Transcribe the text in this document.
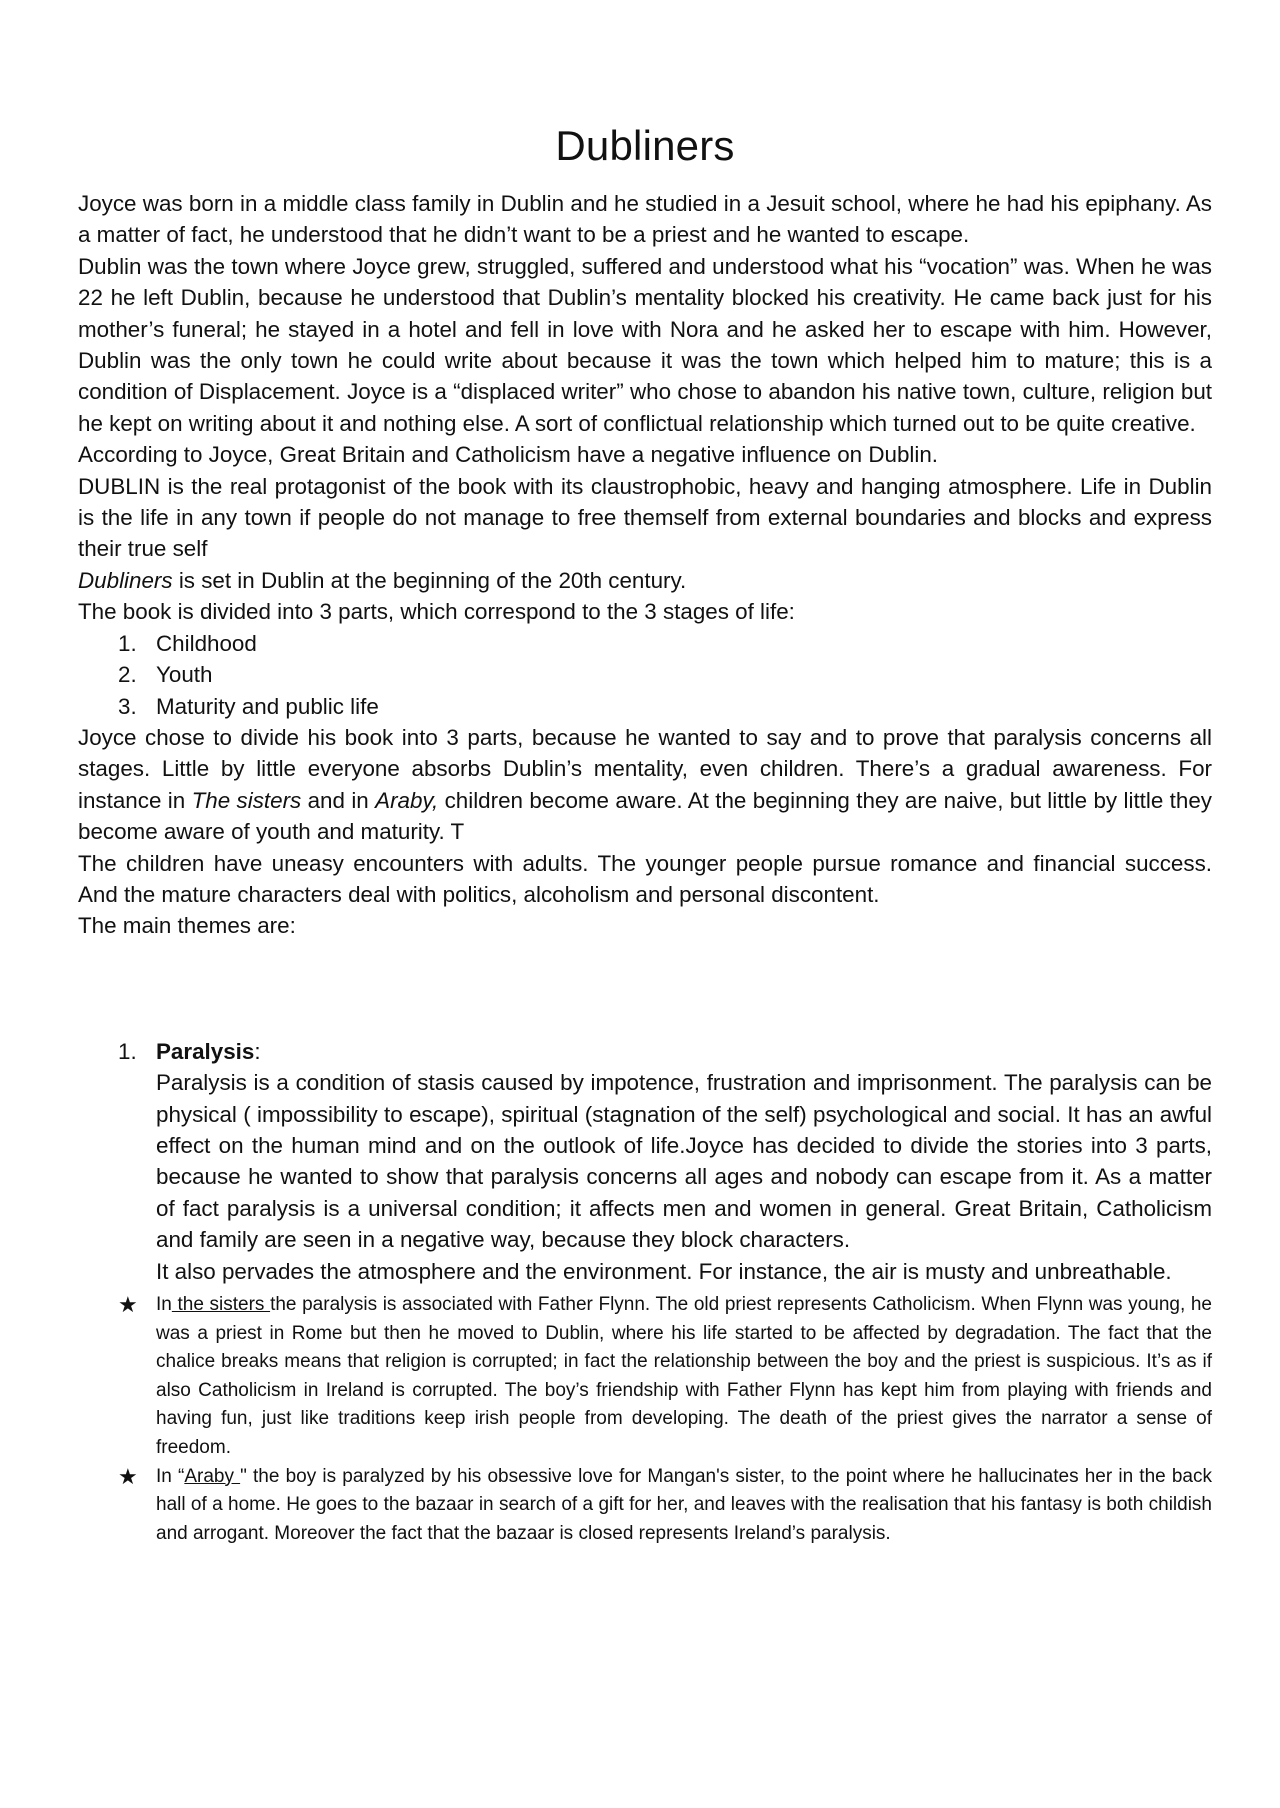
Dubliners

Joyce was born in a middle class family in Dublin and he studied in a Jesuit school, where he had his epiphany. As a matter of fact, he understood that he didn’t want to be a priest and he wanted to escape.

Dublin was the town where Joyce grew, struggled, suffered and understood what his “vocation” was. When he was 22 he left Dublin, because he understood that Dublin’s mentality blocked his creativity. He came back just for his mother’s funeral; he stayed in a hotel and fell in love with Nora and he asked her to escape with him. However, Dublin was the only town he could write about because it was the town which helped him to mature; this is a condition of Displacement. Joyce is a “displaced writer” who chose to abandon his native town, culture, religion but he kept on writing about it and nothing else. A sort of conflictual relationship which turned out to be quite creative.

According to Joyce, Great Britain and Catholicism have a negative influence on Dublin.

DUBLIN is the real protagonist of the book with its claustrophobic, heavy and hanging atmosphere. Life in Dublin is the life in any town if people do not manage to free themself from external boundaries and blocks and express their true self

Dubliners is set in Dublin at the beginning of the 20th century.

The book is divided into 3 parts, which correspond to the 3 stages of life:

1. Childhood
2. Youth
3. Maturity and public life

Joyce chose to divide his book into 3 parts, because he wanted to say and to prove that paralysis concerns all stages. Little by little everyone absorbs Dublin’s mentality, even children. There’s a gradual awareness. For instance in The sisters and in Araby, children become aware. At the beginning they are naive, but little by little they become aware of youth and maturity. T

The children have uneasy encounters with adults. The younger people pursue romance and financial success. And the mature characters deal with politics, alcoholism and personal discontent.

The main themes are:

1. Paralysis:

Paralysis is a condition of stasis caused by impotence, frustration and imprisonment. The paralysis can be physical ( impossibility to escape), spiritual (stagnation of the self) psychological and social. It has an awful effect on the human mind and on the outlook of life.Joyce has decided to divide the stories into 3 parts, because he wanted to show that paralysis concerns all ages and nobody can escape from it. As a matter of fact paralysis is a universal condition; it affects men and women in general. Great Britain, Catholicism and family are seen in a negative way, because they block characters.

It also pervades the atmosphere and the environment. For instance, the air is musty and unbreathable.

★ In the sisters the paralysis is associated with Father Flynn. The old priest represents Catholicism. When Flynn was young, he was a priest in Rome but then he moved to Dublin, where his life started to be affected by degradation. The fact that the chalice breaks means that religion is corrupted; in fact the relationship between the boy and the priest is suspicious. It’s as if also Catholicism in Ireland is corrupted. The boy’s friendship with Father Flynn has kept him from playing with friends and having fun, just like traditions keep irish people from developing. The death of the priest gives the narrator a sense of freedom.
★ In “Araby " the boy is paralyzed by his obsessive love for Mangan's sister, to the point where he hallucinates her in the back hall of a home. He goes to the bazaar in search of a gift for her, and leaves with the realisation that his fantasy is both childish and arrogant. Moreover the fact that the bazaar is closed represents Ireland’s paralysis.
